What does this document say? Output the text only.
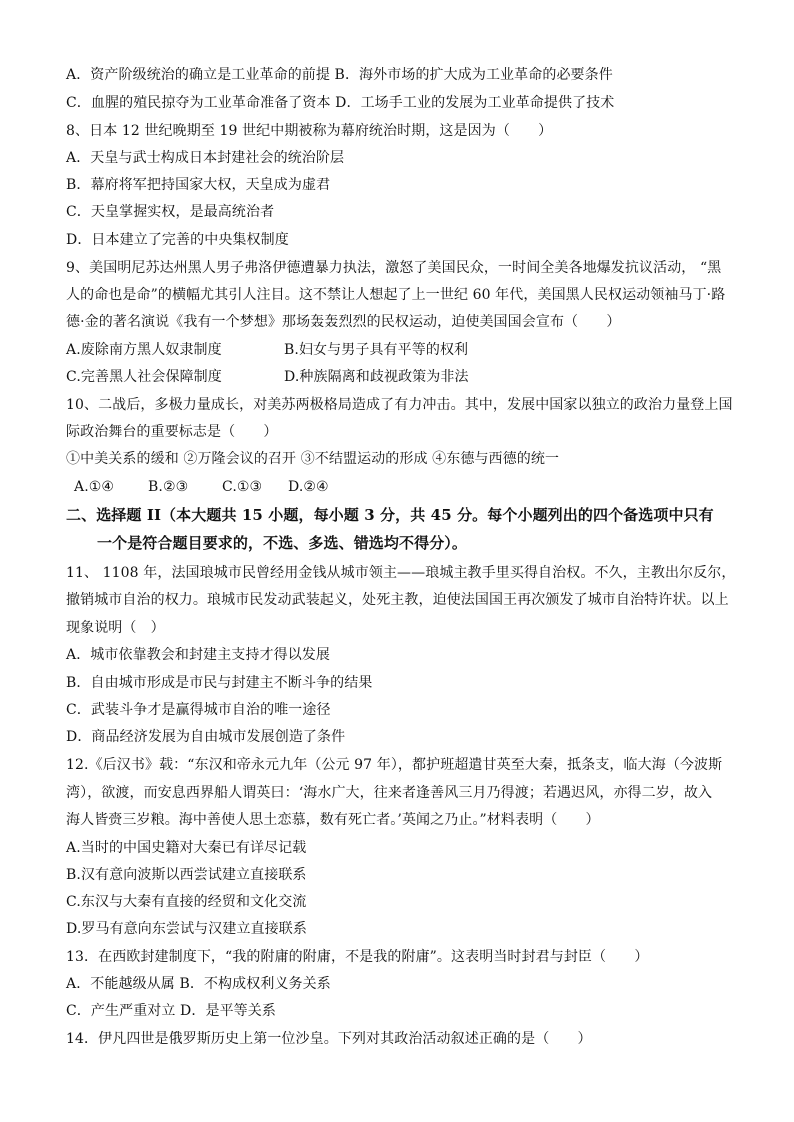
A．资产阶级统治的确立是工业革命的前提 B．海外市场的扩大成为工业革命的必要条件
C．血腥的殖民掠夺为工业革命准备了资本 D．工场手工业的发展为工业革命提供了技术
8、日本 12 世纪晚期至 19 世纪中期被称为幕府统治时期，这是因为（　　）
A．天皇与武士构成日本封建社会的统治阶层
B．幕府将军把持国家大权，天皇成为虚君
C．天皇掌握实权，是最高统治者
D．日本建立了完善的中央集权制度
9、美国明尼苏达州黑人男子弗洛伊德遭暴力执法，激怒了美国民众，一时间全美各地爆发抗议活动， “黑
人的命也是命”的横幅尤其引人注目。这不禁让人想起了上一世纪 60 年代，美国黑人民权运动领袖马丁·路
德·金的著名演说《我有一个梦想》那场轰轰烈烈的民权运动，迫使美国国会宣布（　　）
A.废除南方黑人奴隶制度	B.妇女与男子具有平等的权利
C.完善黑人社会保障制度	D.种族隔离和歧视政策为非法
10、二战后，多极力量成长，对美苏两极格局造成了有力冲击。其中，发展中国家以独立的政治力量登上国
际政治舞台的重要标志是（　　）
①中美关系的缓和 ②万隆会议的召开 ③不结盟运动的形成 ④东德与西德的统一
A.①④ B.②③ C.①③ D.②④
二、选择题 II（本大题共 15 小题，每小题 3 分，共 45 分。每个小题列出的四个备选项中只有
一个是符合题目要求的，不选、多选、错选均不得分）。
11、 1108 年，法国琅城市民曾经用金钱从城市领主——琅城主教手里买得自治权。不久，主教出尔反尔，
撤销城市自治的权力。琅城市民发动武装起义，处死主教，迫使法国国王再次颁发了城市自治特许状。以上
现象说明（　）
A．城市依靠教会和封建主支持才得以发展
B．自由城市形成是市民与封建主不断斗争的结果
C．武装斗争才是赢得城市自治的唯一途径
D．商品经济发展为自由城市发展创造了条件
12.《后汉书》载：“东汉和帝永元九年（公元 97 年），都护班超遣甘英至大秦，抵条支，临大海（今波斯
湾），欲渡，而安息西界船人谓英曰：‘海水广大，往来者逢善风三月乃得渡；若遇迟风，亦得二岁，故入
海人皆赍三岁粮。海中善使人思土恋慕，数有死亡者。’英闻之乃止。”材料表明（　　）
A.当时的中国史籍对大秦已有详尽记载
B.汉有意向波斯以西尝试建立直接联系
C.东汉与大秦有直接的经贸和文化交流
D.罗马有意向东尝试与汉建立直接联系
13．在西欧封建制度下，“我的附庸的附庸，不是我的附庸”。这表明当时封君与封臣（　　）
A．不能越级从属 B．不构成权利义务关系
C．产生严重对立 D．是平等关系
14．伊凡四世是俄罗斯历史上第一位沙皇。下列对其政治活动叙述正确的是（　　）
